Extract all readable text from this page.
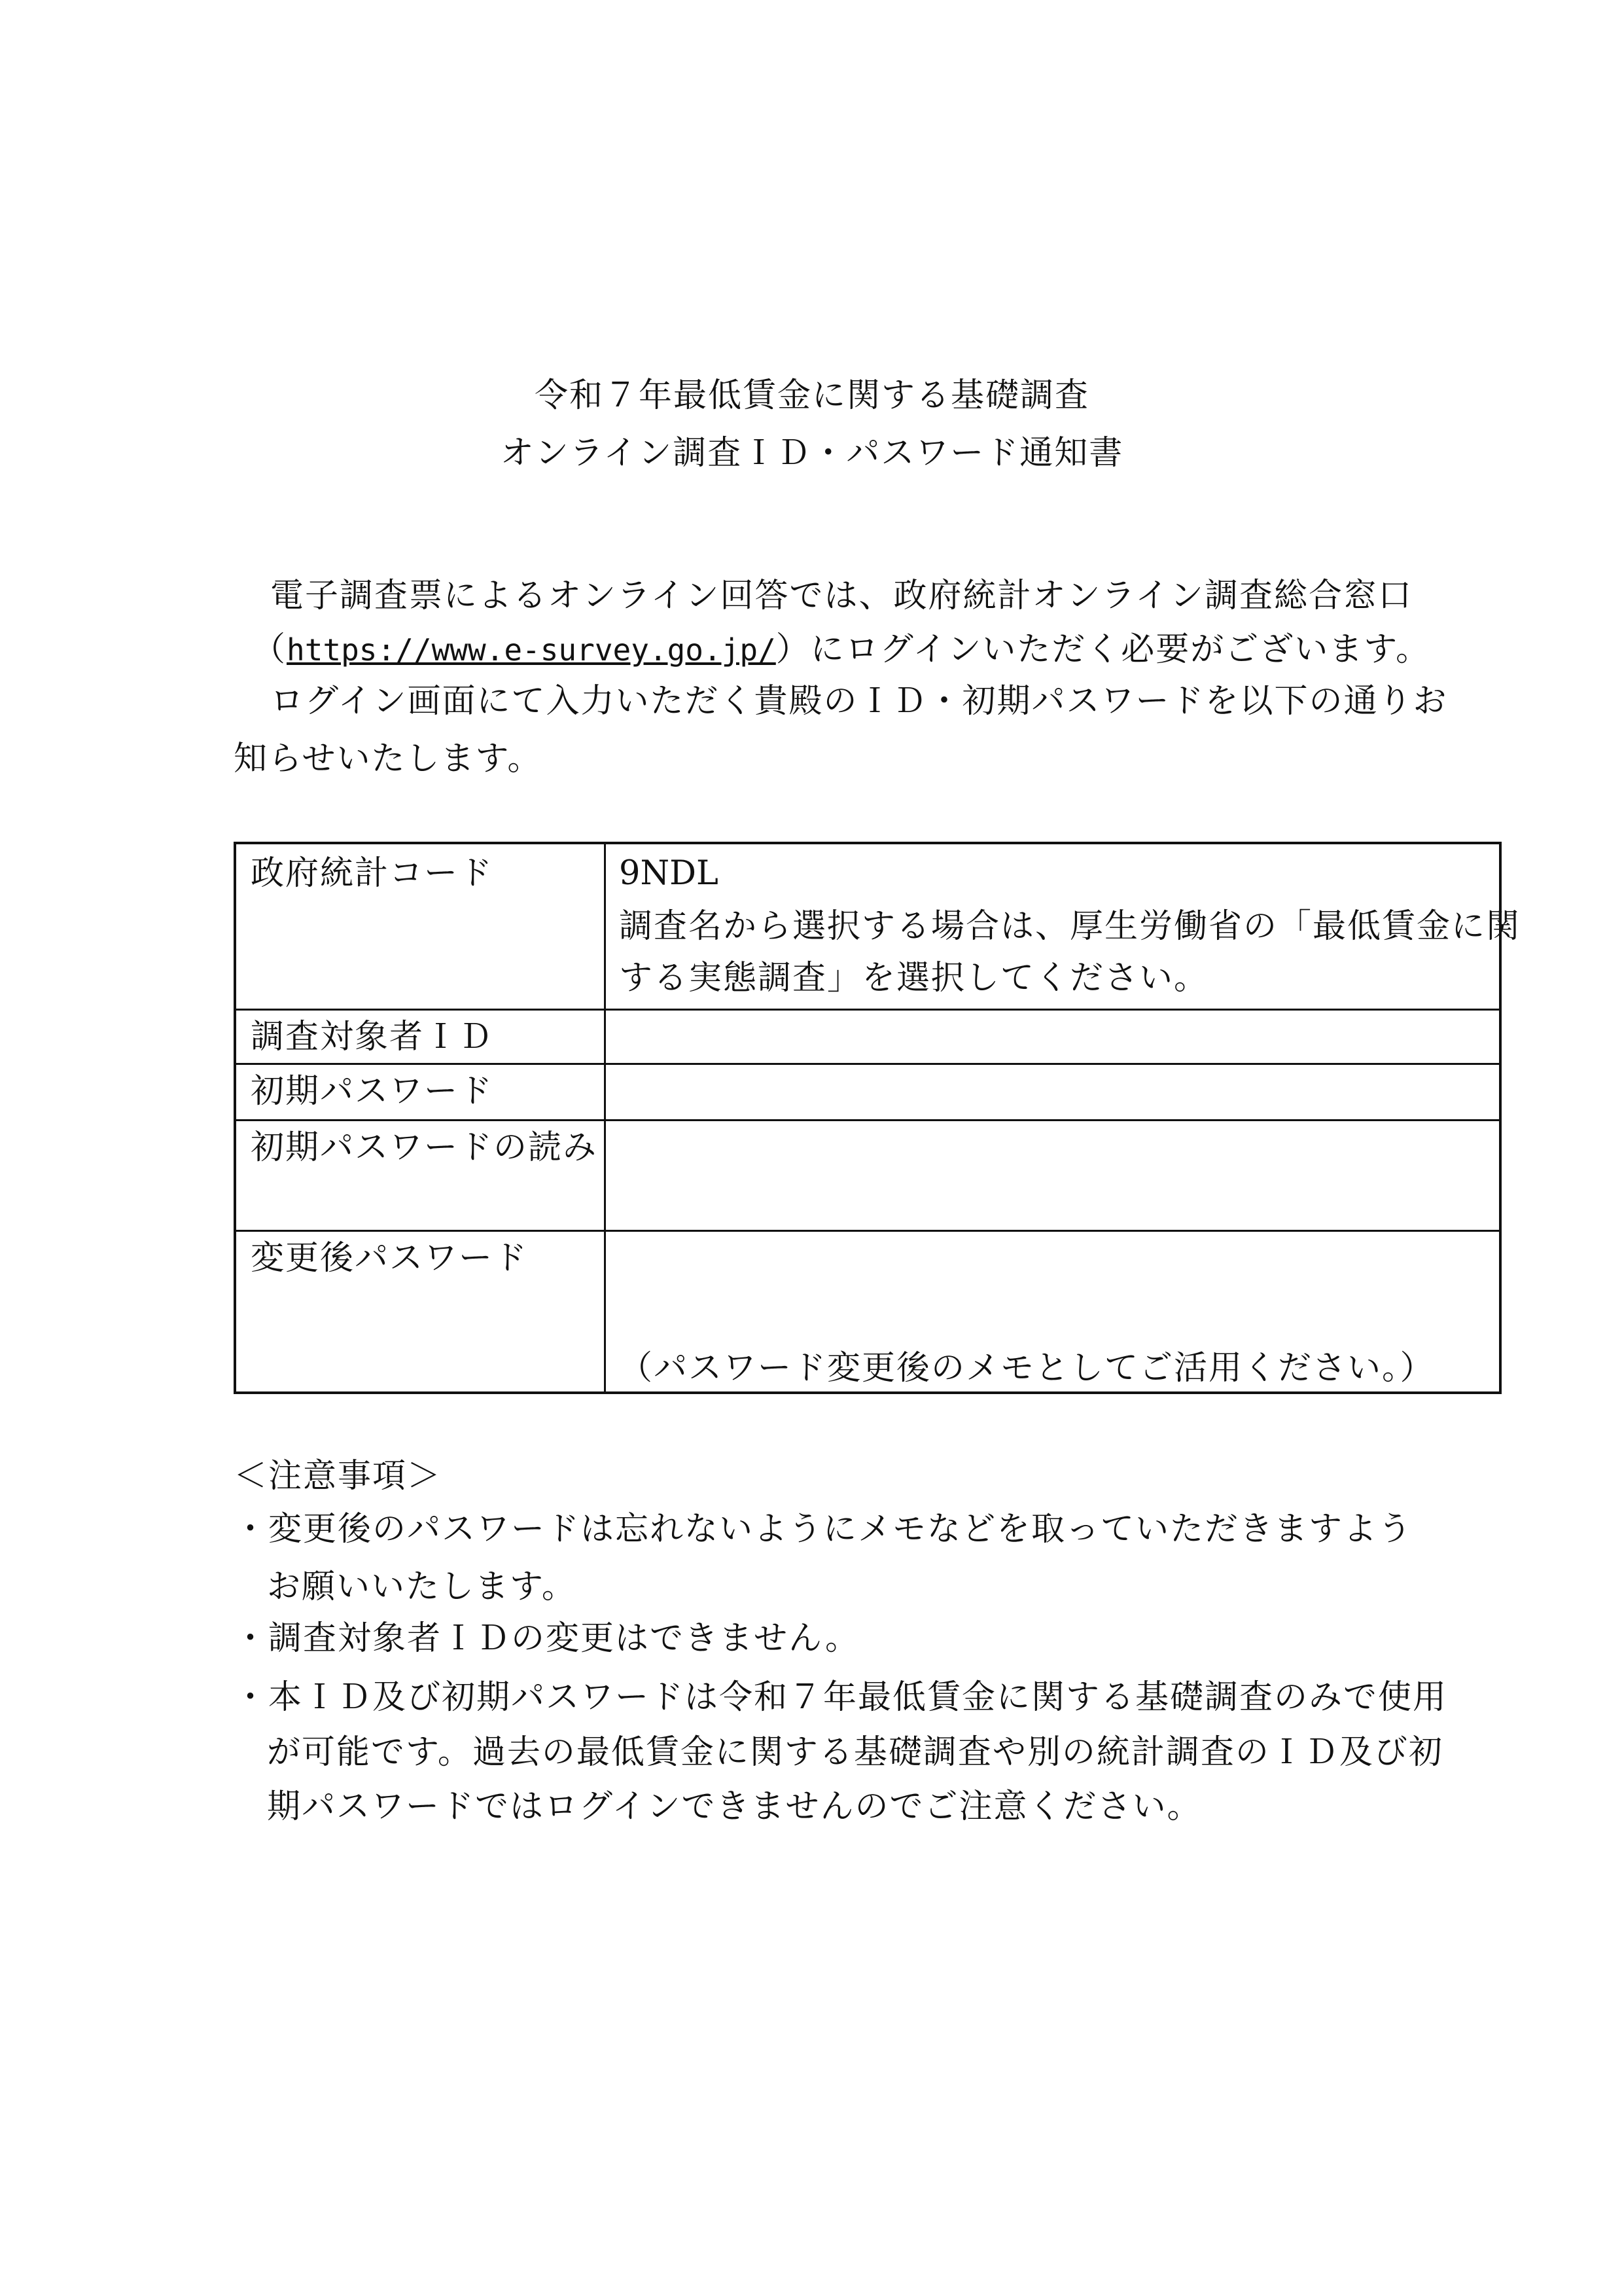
令和７年最低賃金に関する基礎調査
オンライン調査ＩＤ・パスワード通知書
電子調査票によるオンライン回答では、政府統計オンライン調査総合窓口
（https://www.e-survey.go.jp/）にログインいただく必要がございます。
ログイン画面にて入力いただく貴殿のＩＤ・初期パスワードを以下の通りお
知らせいたします。
政府統計コード	9NDL
調査名から選択する場合は、厚生労働省の「最低賃金に関
する実態調査」を選択してください。
調査対象者ＩＤ
初期パスワード
初期パスワードの読み
変更後パスワード
（パスワード変更後のメモとしてご活用ください。）
＜注意事項＞
・変更後のパスワードは忘れないようにメモなどを取っていただきますよう
お願いいたします。
・調査対象者ＩＤの変更はできません。
・本ＩＤ及び初期パスワードは令和７年最低賃金に関する基礎調査のみで使用
が可能です。過去の最低賃金に関する基礎調査や別の統計調査のＩＤ及び初
期パスワードではログインできませんのでご注意ください。
